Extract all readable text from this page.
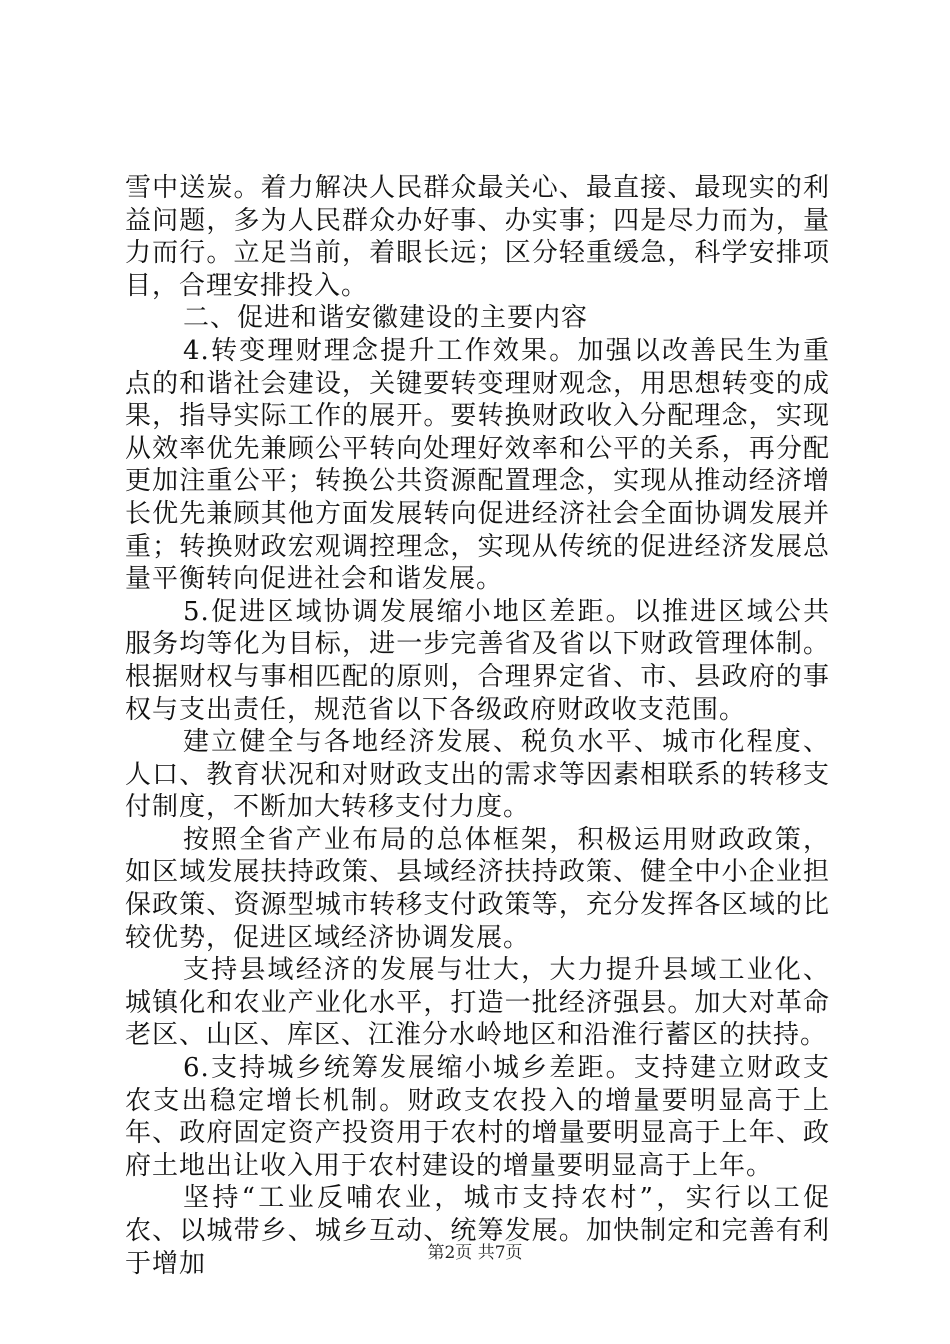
雪中送炭。着力解决人民群众最关心、最直接、最现实的利益问题，多为人民群众办好事、办实事；四是尽力而为，量力而行。立足当前，着眼长远；区分轻重缓急，科学安排项目，合理安排投入。

二、促进和谐安徽建设的主要内容

4.转变理财理念提升工作效果。加强以改善民生为重点的和谐社会建设，关键要转变理财观念，用思想转变的成果，指导实际工作的展开。要转换财政收入分配理念，实现从效率优先兼顾公平转向处理好效率和公平的关系，再分配更加注重公平；转换公共资源配置理念，实现从推动经济增长优先兼顾其他方面发展转向促进经济社会全面协调发展并重；转换财政宏观调控理念，实现从传统的促进经济发展总量平衡转向促进社会和谐发展。

5.促进区域协调发展缩小地区差距。以推进区域公共服务均等化为目标，进一步完善省及省以下财政管理体制。根据财权与事相匹配的原则，合理界定省、市、县政府的事权与支出责任，规范省以下各级政府财政收支范围。

建立健全与各地经济发展、税负水平、城市化程度、人口、教育状况和对财政支出的需求等因素相联系的转移支付制度，不断加大转移支付力度。

按照全省产业布局的总体框架，积极运用财政政策，如区域发展扶持政策、县域经济扶持政策、健全中小企业担保政策、资源型城市转移支付政策等，充分发挥各区域的比较优势，促进区域经济协调发展。

支持县域经济的发展与壮大，大力提升县域工业化、城镇化和农业产业化水平，打造一批经济强县。加大对革命老区、山区、库区、江淮分水岭地区和沿淮行蓄区的扶持。

6.支持城乡统筹发展缩小城乡差距。支持建立财政支农支出稳定增长机制。财政支农投入的增量要明显高于上年、政府固定资产投资用于农村的增量要明显高于上年、政府土地出让收入用于农村建设的增量要明显高于上年。

坚持“工业反哺农业，城市支持农村”，实行以工促农、以城带乡、城乡互动、统筹发展。加快制定和完善有利于增加	第2页 共7页
